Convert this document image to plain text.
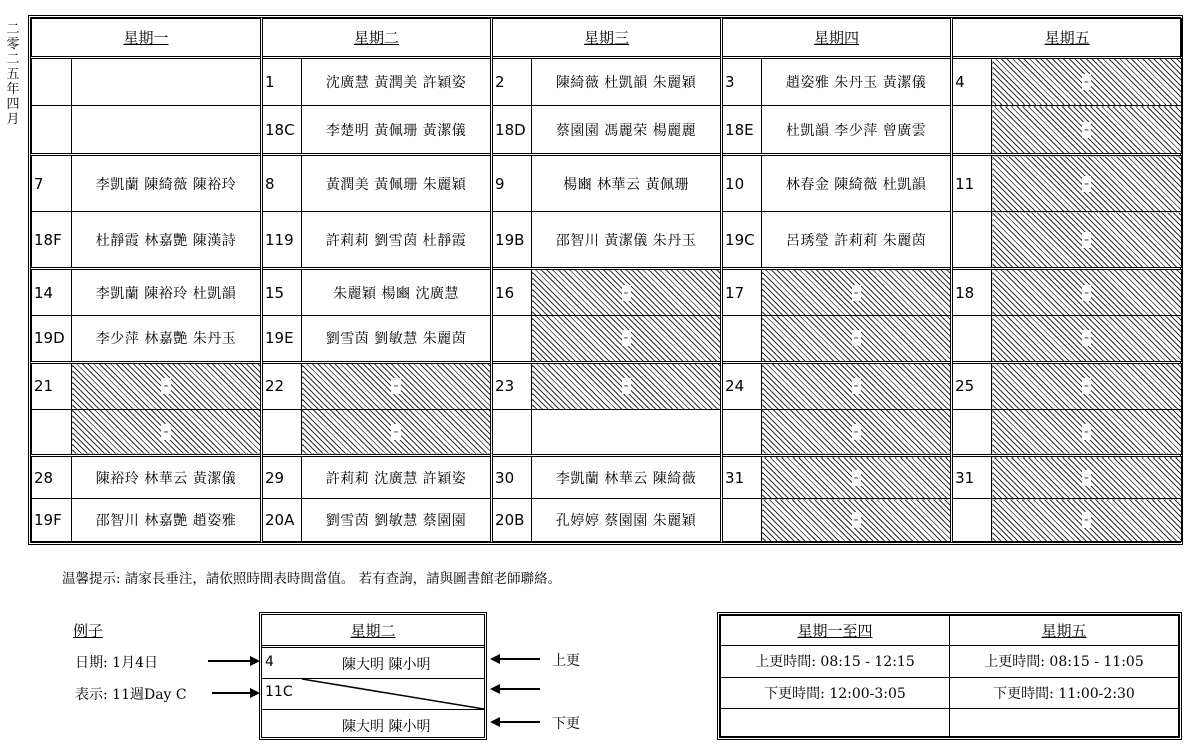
二
零
二
五
年
四
月
星期一		星期二		星期三		星期四		星期五	
		1	沈廣慧 黃潤美 許穎姿	2	陳綺薇 杜凱韻 朱麗穎	3	趙姿雅 朱丹玉 黃潔儀	4	-
		18C	李楚明 黃佩珊 黃潔儀	18D	蔡園園 馮麗荣 楊麗麗	18E	杜凱韻 李少萍 曾廣雲		-
7	李凱蘭 陳綺薇 陳裕玲	8	黃潤美 黃佩珊 朱麗穎	9	楊豳 林華云 黃佩珊	10	林春金 陳綺薇 杜凱韻	11	-
18F	杜靜霞 林嘉艷 陳漢詩	119	許莉莉 劉雪茵 杜靜霞	19B	邵智川 黃潔儀 朱丹玉	19C	呂琇瑩 許莉莉 朱麗茵		-
14	李凱蘭 陳裕玲 杜凱韻	15	朱麗穎 楊豳 沈廣慧	16	-	17	-	18	-
19D	李少萍 林嘉艷 朱丹玉	19E	劉雪茵 劉敏慧 朱麗茵		-		-		-
21	-	22	-	23	-	24	-	25	-
	-		-				-		-
28	陳裕玲 林華云 黃潔儀	29	許莉莉 沈廣慧 許穎姿	30	李凱蘭 林華云 陳綺薇	31	-	31	-
19F	邵智川 林嘉艷 趙姿雅	20A	劉雪茵 劉敏慧 蔡園園	20B	孔婷婷 蔡園園 朱麗穎		-		-
温馨提示: 請家長垂注，請依照時間表時間當值。 若有查詢，請與圖書館老師聯絡。
例子
日期: 1月4日
表示: 11週Day C
星期二
4	陳大明 陳小明
11C
陳大明 陳小明
上更
下更
星期一至四	星期五
上更時間: 08:15 - 12:15	上更時間: 08:15 - 11:05
下更時間: 12:00-3:05	下更時間: 11:00-2:30
